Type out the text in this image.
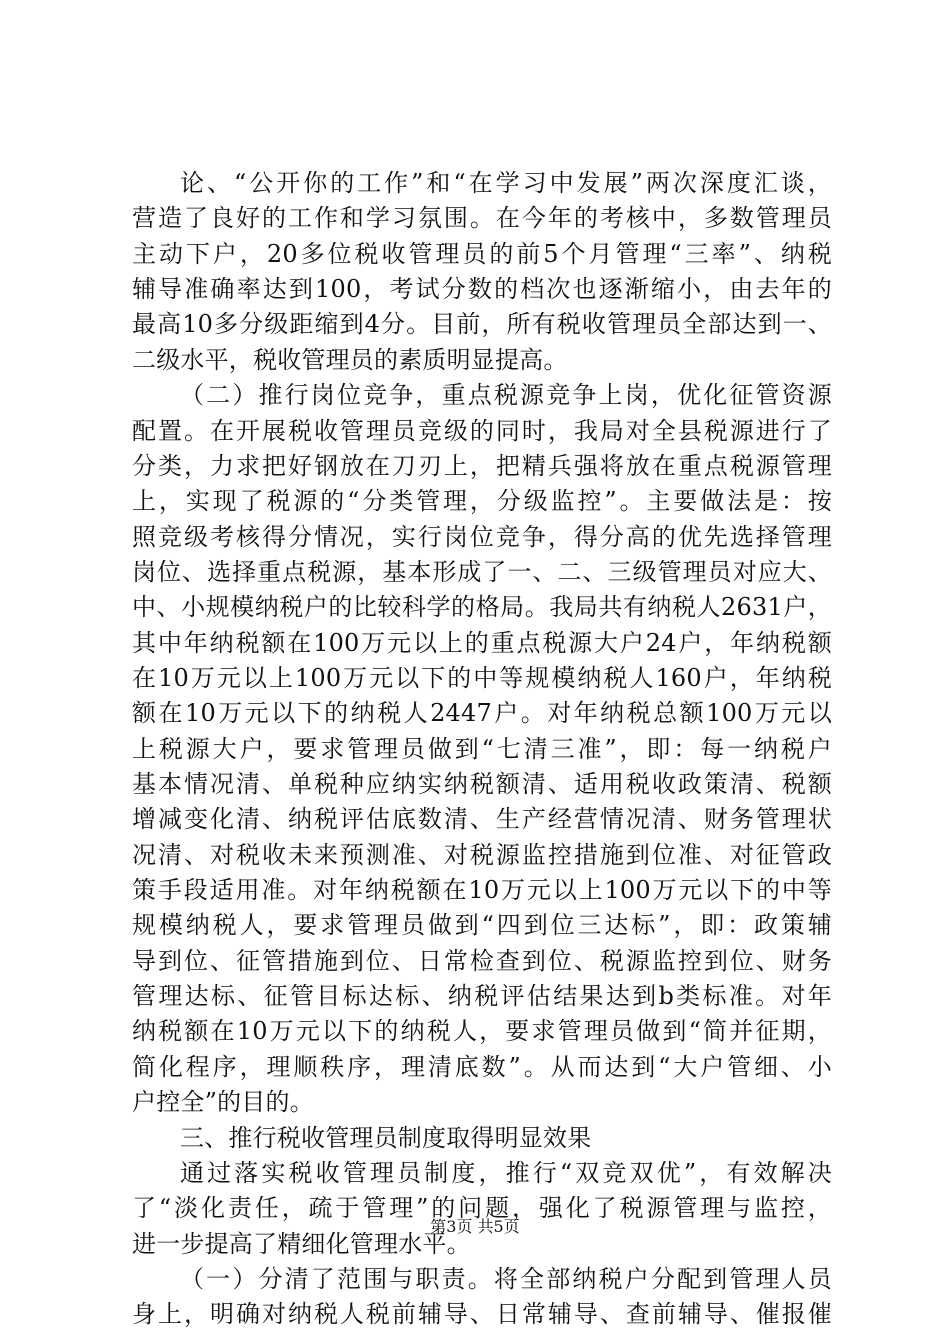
论、“公开你的工作”和“在学习中发展”两次深度汇谈，
营造了良好的工作和学习氛围。在今年的考核中，多数管理员
主动下户，20多位税收管理员的前5个月管理“三率”、纳税
辅导准确率达到100，考试分数的档次也逐渐缩小，由去年的
最高10多分级距缩到4分。目前，所有税收管理员全部达到一、
二级水平，税收管理员的素质明显提高。
（二）推行岗位竞争，重点税源竞争上岗，优化征管资源
配置。在开展税收管理员竞级的同时，我局对全县税源进行了
分类，力求把好钢放在刀刃上，把精兵强将放在重点税源管理
上，实现了税源的“分类管理，分级监控”。主要做法是：按
照竞级考核得分情况，实行岗位竞争，得分高的优先选择管理
岗位、选择重点税源，基本形成了一、二、三级管理员对应大、
中、小规模纳税户的比较科学的格局。我局共有纳税人2631户，
其中年纳税额在100万元以上的重点税源大户24户，年纳税额
在10万元以上100万元以下的中等规模纳税人160户，年纳税
额在10万元以下的纳税人2447户。对年纳税总额100万元以
上税源大户，要求管理员做到“七清三准”，即：每一纳税户
基本情况清、单税种应纳实纳税额清、适用税收政策清、税额
增减变化清、纳税评估底数清、生产经营情况清、财务管理状
况清、对税收未来预测准、对税源监控措施到位准、对征管政
策手段适用准。对年纳税额在10万元以上100万元以下的中等
规模纳税人，要求管理员做到“四到位三达标”，即：政策辅
导到位、征管措施到位、日常检查到位、税源监控到位、财务
管理达标、征管目标达标、纳税评估结果达到b类标准。对年
纳税额在10万元以下的纳税人，要求管理员做到“简并征期，
简化程序，理顺秩序，理清底数”。从而达到“大户管细、小
户控全”的目的。
三、推行税收管理员制度取得明显效果
通过落实税收管理员制度，推行“双竞双优”，有效解决
了“淡化责任，疏于管理”的问题，强化了税源管理与监控，
进一步提高了精细化管理水平。
（一）分清了范围与职责。将全部纳税户分配到管理人员
身上，明确对纳税人税前辅导、日常辅导、查前辅导、催报催
第3页 共5页
